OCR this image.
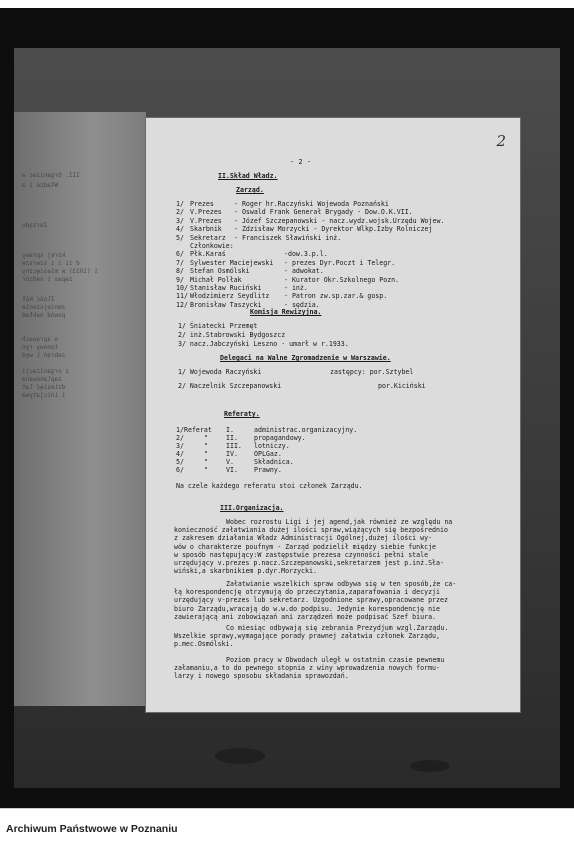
III. Organizac a
Władze i a
Zarządu
kórej sprawy
d ii i i szersze
i (1933) w miesięczny
zapas i nadzór
Ilość Kół
zmniejszenie
powód nakład
o sprawach
tonowy ryn
zebrań i wyd
z organizacji
zaplanowana
dziesięć lat
i inicjatywa
- 2 -
2
II.Skład Władz.
Zarząd.
1/ Prezes	- Roger hr.Raczyński Wojewoda Poznański
2/ V.Prezes - Oswald Frank Generał Brygady - Dow.O.K.VII.
3/ V.Prezes - Józef Szczepanowski - nacz.wydz.wojsk.Urzędu Wojew.
4/ Skarbnik - Zdzisław Morzycki - Dyrektor Wlkp.Izby Rolniczej
5/ Sekretarz - Franciszek Sławiński inż.
Członkowie:
6/ Płk.Karaś	-dow.3.p.l.
7/ Sylwester Maciejewski - prezes Dyr.Poczt i Telegr.
8/ Stefan Osmólski	- adwokat.
9/ Michał Polłak	- Kurator Okr.Szkolnego Pozn.
10/ Stanisław Ruciński	- inż.
11/ Włodzimierz Seydlitz - Patron zw.sp.zar.& gosp.
12/ Bronisław Taszycki	- sędzia.
Komisja Rewizyjna.
1/ Śniatecki Przemęt
2/ inż.Stabrowski Bydgoszcz
3/ nacz.Jabczyński Leszno - umarł w r.1933.
Delegaci na Walne Zgromadzenie w Warszawie.
1/ Wojewoda Raczyński	zastępcy: por.Sztybel
2/ Naczelnik Szczepanowski	por.Kiciński
Referaty.
1/ Referat I.	administrac.organizacyjny.
2/	"	II. propagandowy.
3/	"	III. lotniczy.
4/	"	IV. OPLGaz.
5/	"	V.	Składnica.
6/	"	VI. Prawny.
Na czele każdego referatu stoi członek Zarządu.
III.Organizacja.
Wobec rozrostu Ligi i jej agend,jak również ze względu na
konieczność załatwiania dużej ilości spraw,wiążących się bezpośrednio
z zakresem działania Władz Administracji Ogólnej,dużej ilości wy-
wów o charakterze poufnym - Zarząd podzielił między siebie funkcje
w sposób następujący:W zastępstwie prezesa czynności pełni stale
urzędujący v.prezes p.nacz.Szczepanowski,sekretarzem jest p.inż.Sła-
wiński,a skarbnikiem p.dyr.Morzycki.
Załatwianie wszelkich spraw odbywa się w ten sposób,że ca-
łą korespondencję otrzymują do przeczytania,zaparafowania i decyzji
urzędujący v-prezes lub sekretarz. Uzgodnione sprawy,opracowane przez
biuro Zarządu,wracają do w.w.do podpisu. Jedynie korespondencję nie
zawierającą ani zobowiązań ani zarządzeń może podpisać Szef biura.
Co miesiąc odbywają się zebrania Prezydjum wzgl.Zarządu.
Wszelkie sprawy,wymagające porady prawnej załatwia członek Zarządu,
p.mec.Osmólski.
Poziom pracy w Obwodach uległ w ostatnim czasie pewnemu
załamaniu,a to do pewnego stopnia z winy wprowadzenia nowych formu-
larzy i nowego sposobu składania sprawozdań.
Archiwum Państwowe w Poznaniu
